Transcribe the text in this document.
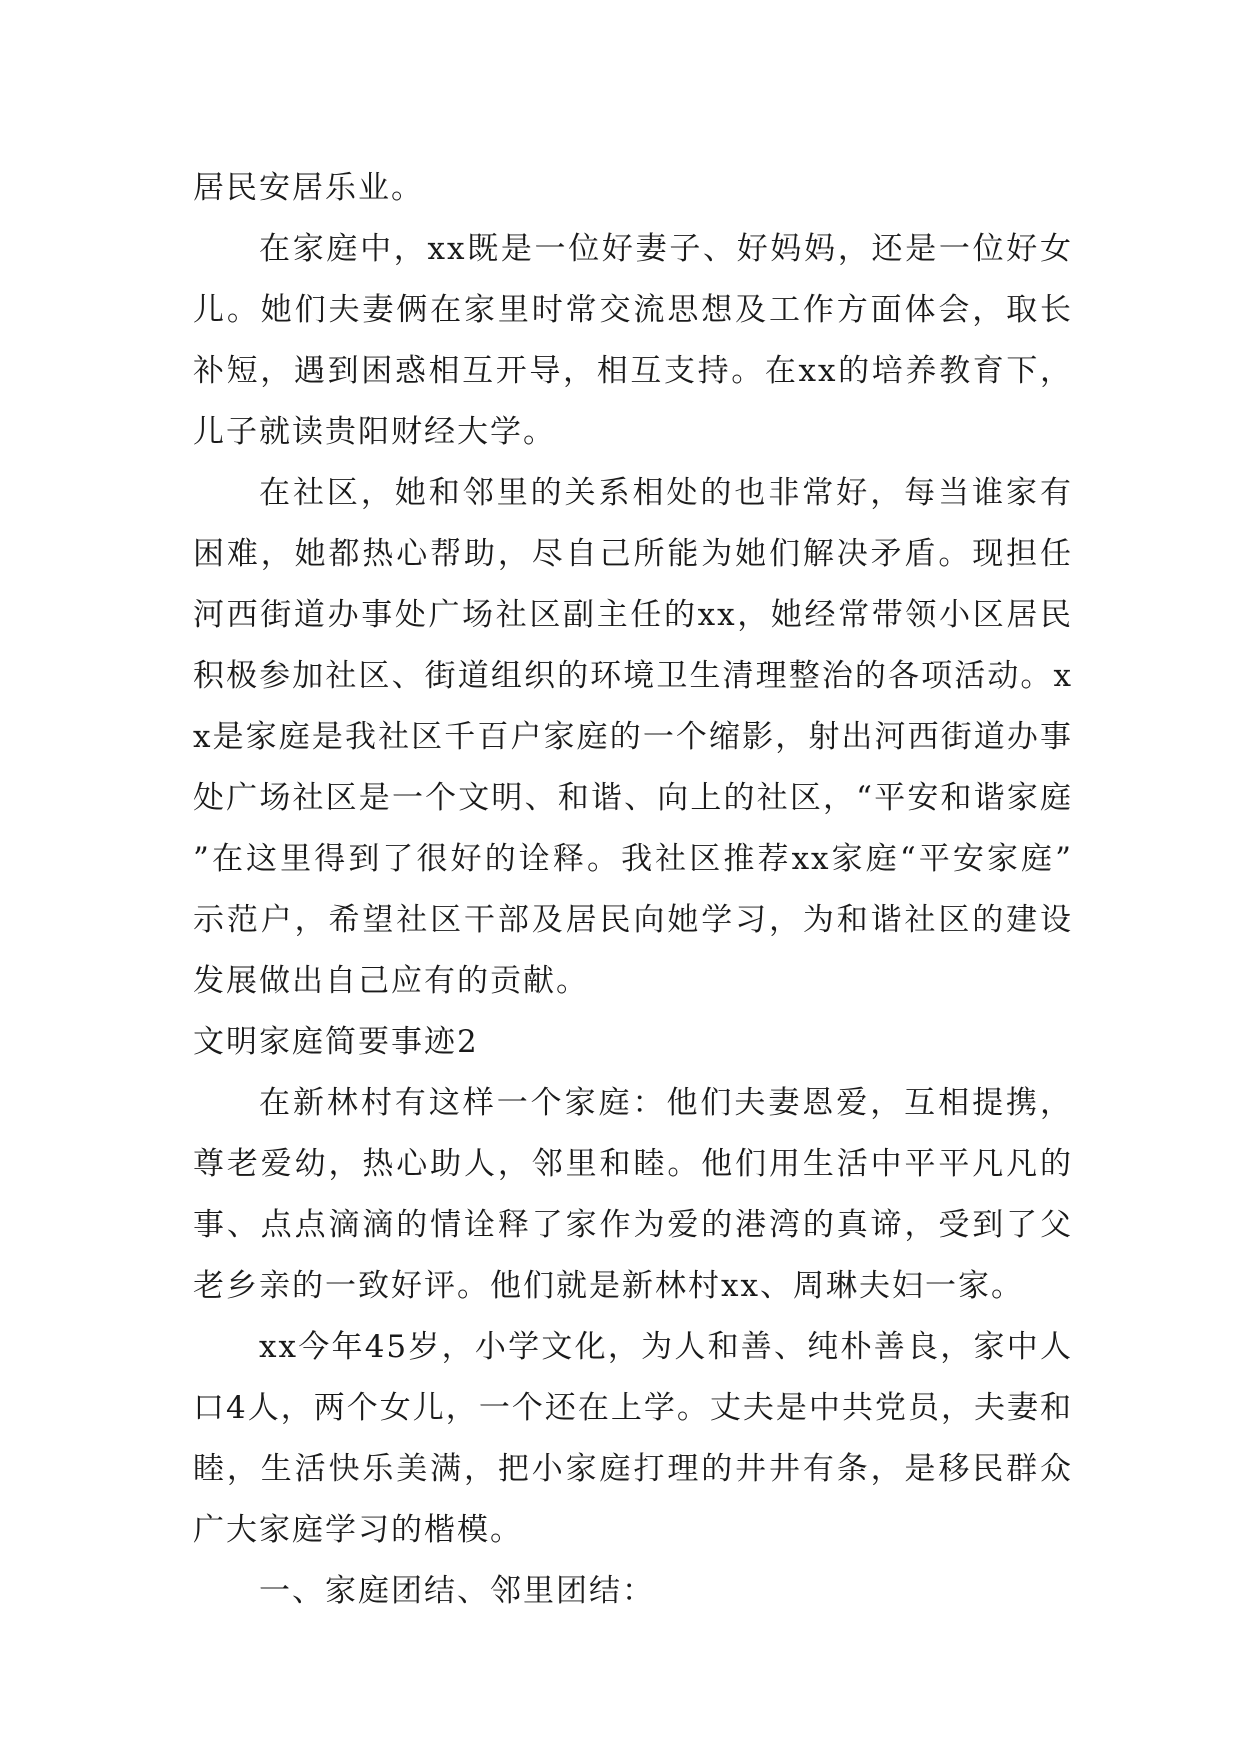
居民安居乐业。

在家庭中，xx既是一位好妻子、好妈妈，还是一位好女儿。她们夫妻俩在家里时常交流思想及工作方面体会，取长补短，遇到困惑相互开导，相互支持。在xx的培养教育下，儿子就读贵阳财经大学。

在社区，她和邻里的关系相处的也非常好，每当谁家有困难，她都热心帮助，尽自己所能为她们解决矛盾。现担任河西街道办事处广场社区副主任的xx，她经常带领小区居民积极参加社区、街道组织的环境卫生清理整治的各项活动。xx是家庭是我社区千百户家庭的一个缩影，射出河西街道办事处广场社区是一个文明、和谐、向上的社区，“平安和谐家庭”在这里得到了很好的诠释。我社区推荐xx家庭“平安家庭”示范户，希望社区干部及居民向她学习，为和谐社区的建设发展做出自己应有的贡献。

文明家庭简要事迹2

在新林村有这样一个家庭：他们夫妻恩爱，互相提携，尊老爱幼，热心助人，邻里和睦。他们用生活中平平凡凡的事、点点滴滴的情诠释了家作为爱的港湾的真谛，受到了父老乡亲的一致好评。他们就是新林村xx、周琳夫妇一家。

xx今年45岁，小学文化，为人和善、纯朴善良，家中人口4人，两个女儿，一个还在上学。丈夫是中共党员，夫妻和睦，生活快乐美满，把小家庭打理的井井有条，是移民群众广大家庭学习的楷模。

一、家庭团结、邻里团结：
